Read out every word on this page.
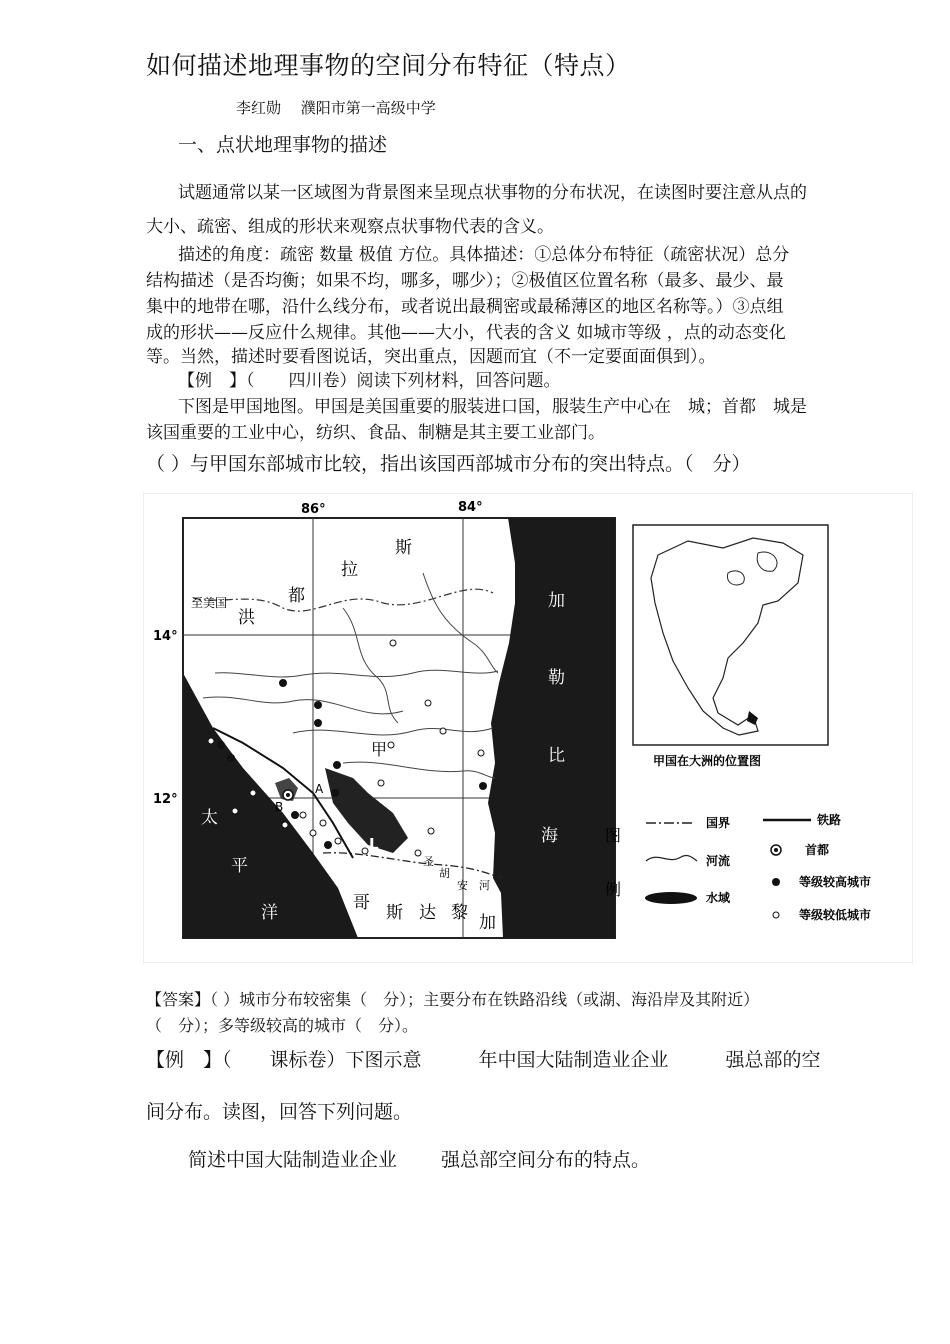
如何描述地理事物的空间分布特征（特点）
李红勋　 濮阳市第一高级中学
一、点状地理事物的描述
试题通常以某一区域图为背景图来呈现点状事物的分布状况，在读图时要注意从点的
大小、疏密、组成的形状来观察点状事物代表的含义。
描述的角度：疏密 数量 极值 方位。具体描述：①总体分布特征（疏密状况）总分
结构描述（是否均衡；如果不均，哪多，哪少）；②极值区位置名称（最多、最少、最
集中的地带在哪，沿什么线分布，或者说出最稠密或最稀薄区的地区名称等。）③点组
成的形状——反应什么规律。其他——大小，代表的含义 如城市等级 ，点的动态变化
等。当然，描述时要看图说话，突出重点，因题而宜（不一定要面面俱到）。
【例　】（　　四川卷）阅读下列材料，回答问题。
下图是甲国地图。甲国是美国重要的服装进口国，服装生产中心在　城；首都　城是
该国重要的工业中心，纺织、食品、制糖是其主要工业部门。
（ ）与甲国东部城市比较，指出该国西部城市分布的突出特点。（　分）
86°	84°
14°
12°
至美国
洪
都
拉
斯
加
勒
比
海
太
平
洋	哥 斯 达 黎 加
甲
A
B
L
圣
胡
安 河
甲国在大洲的位置图
图
例
国界	铁路
河流
首都
水域
等级较高城市
等级较低城市
【答案】（ ）城市分布较密集（　分）；主要分布在铁路沿线（或湖、海沿岸及其附近）
（　分）；多等级较高的城市（　分）。
【例　】（　　课标卷）下图示意　　　年中国大陆制造业企业　　　强总部的空
间分布。读图，回答下列问题。
简述中国大陆制造业企业　　 强总部空间分布的特点。
